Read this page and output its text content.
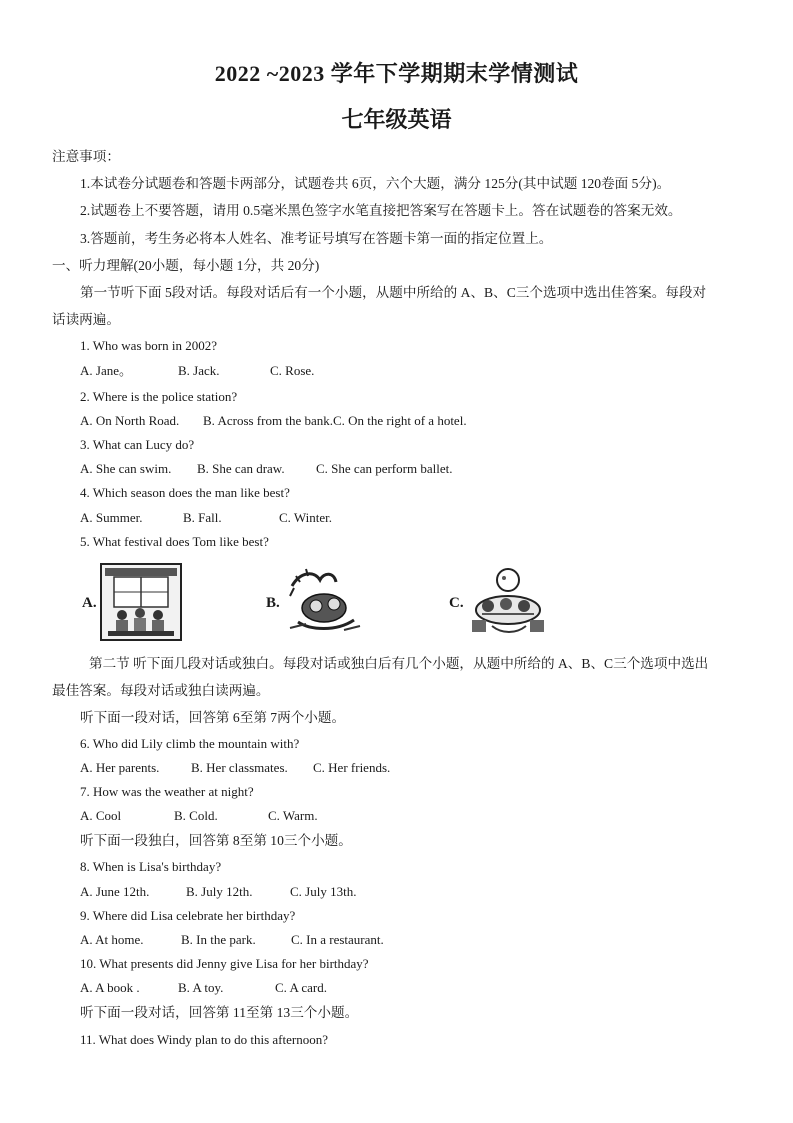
2022 ~2023 学年下学期期末学情测试
七年级英语
注意事项：
1.本试卷分试题卷和答题卡两部分，试题卷共 6页，六个大题，满分 125分(其中试题 120卷面 5分)。
2.试题卷上不要答题，请用 0.5毫米黑色签字水笔直接把答案写在答题卡上。答在试题卷的答案无效。
3.答题前，考生务必将本人姓名、准考证号填写在答题卡第一面的指定位置上。
一、听力理解(20小题，每小题 1分，共 20分)
第一节听下面 5段对话。每段对话后有一个小题，从题中所给的 A、B、C三个选项中选出佳答案。每段对
话读两遍。
1. Who was born in 2002?
A. Jane。	B. Jack.	C. Rose.
2. Where is the police station?
A. On North Road. B. Across from the bank.C. On the right of a hotel.
3. What can Lucy do?
A. She can swim. B. She can draw. C. She can perform ballet.
4. Which season does the man like best?
A. Summer.	B. Fall.	C. Winter.
5. What festival does Tom like best?
A.	B.	C.
第二节 听下面几段对话或独白。每段对话或独白后有几个小题，从题中所给的 A、B、C三个选项中选出
最佳答案。每段对话或独白读两遍。
听下面一段对话，回答第 6至第 7两个小题。
6. Who did Lily climb the mountain with?
A. Her parents. B. Her classmates. C. Her friends.
7. How was the weather at night?
A. Cool	B. Cold.	C. Warm.
听下面一段独白，回答第 8至第 10三个小题。
8. When is Lisa's birthday?
A. June 12th.	B. July 12th.	C. July 13th.
9. Where did Lisa celebrate her birthday?
A. At home.	B. In the park.	C. In a restaurant.
10. What presents did Jenny give Lisa for her birthday?
A. A book .	B. A toy.	C. A card.
听下面一段对话，回答第 11至第 13三个小题。
11. What does Windy plan to do this afternoon?
